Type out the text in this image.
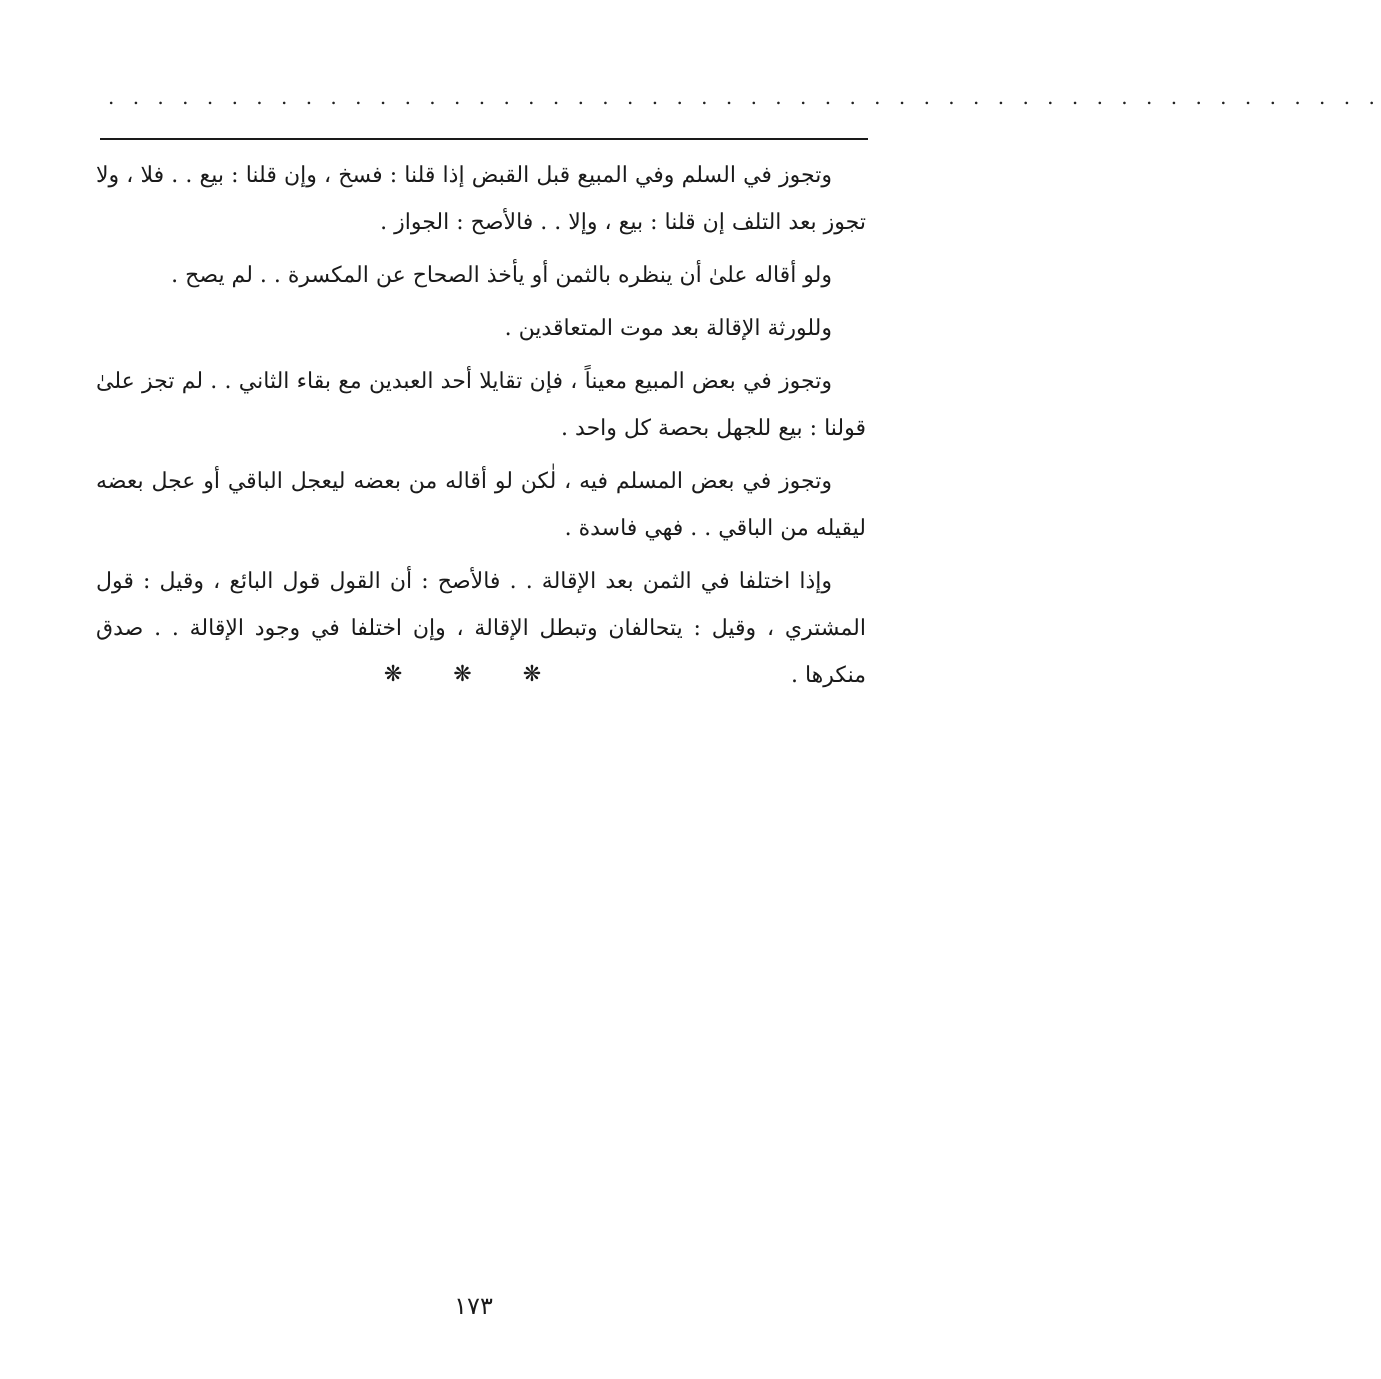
. . . . . . . . . . . . . . . . . . . . . . . . . . . . . . . . . . . . . . . . . . . . . . . . . . . .

وتجوز في السلم وفي المبيع قبل القبض إذا قلنا : فسخ ، وإن قلنا : بيع . . فلا ، ولا تجوز بعد التلف إن قلنا : بيع ، وإلا . . فالأصح : الجواز .

ولو أقاله علىٰ أن ينظره بالثمن أو يأخذ الصحاح عن المكسرة . . لم يصح .

وللورثة الإقالة بعد موت المتعاقدين .

وتجوز في بعض المبيع معيناً ، فإن تقايلا أحد العبدين مع بقاء الثاني . . لم تجز علىٰ قولنا : بيع للجهل بحصة كل واحد .

وتجوز في بعض المسلم فيه ، لٰكن لو أقاله من بعضه ليعجل الباقي أو عجل بعضه ليقيله من الباقي . . فهي فاسدة .

وإذا اختلفا في الثمن بعد الإقالة . . فالأصح : أن القول قول البائع ، وقيل : قول المشتري ، وقيل : يتحالفان وتبطل الإقالة ، وإن اختلفا في وجود الإقالة . . صدق منكرها .

❋ ❋ ❋
١٧٣
